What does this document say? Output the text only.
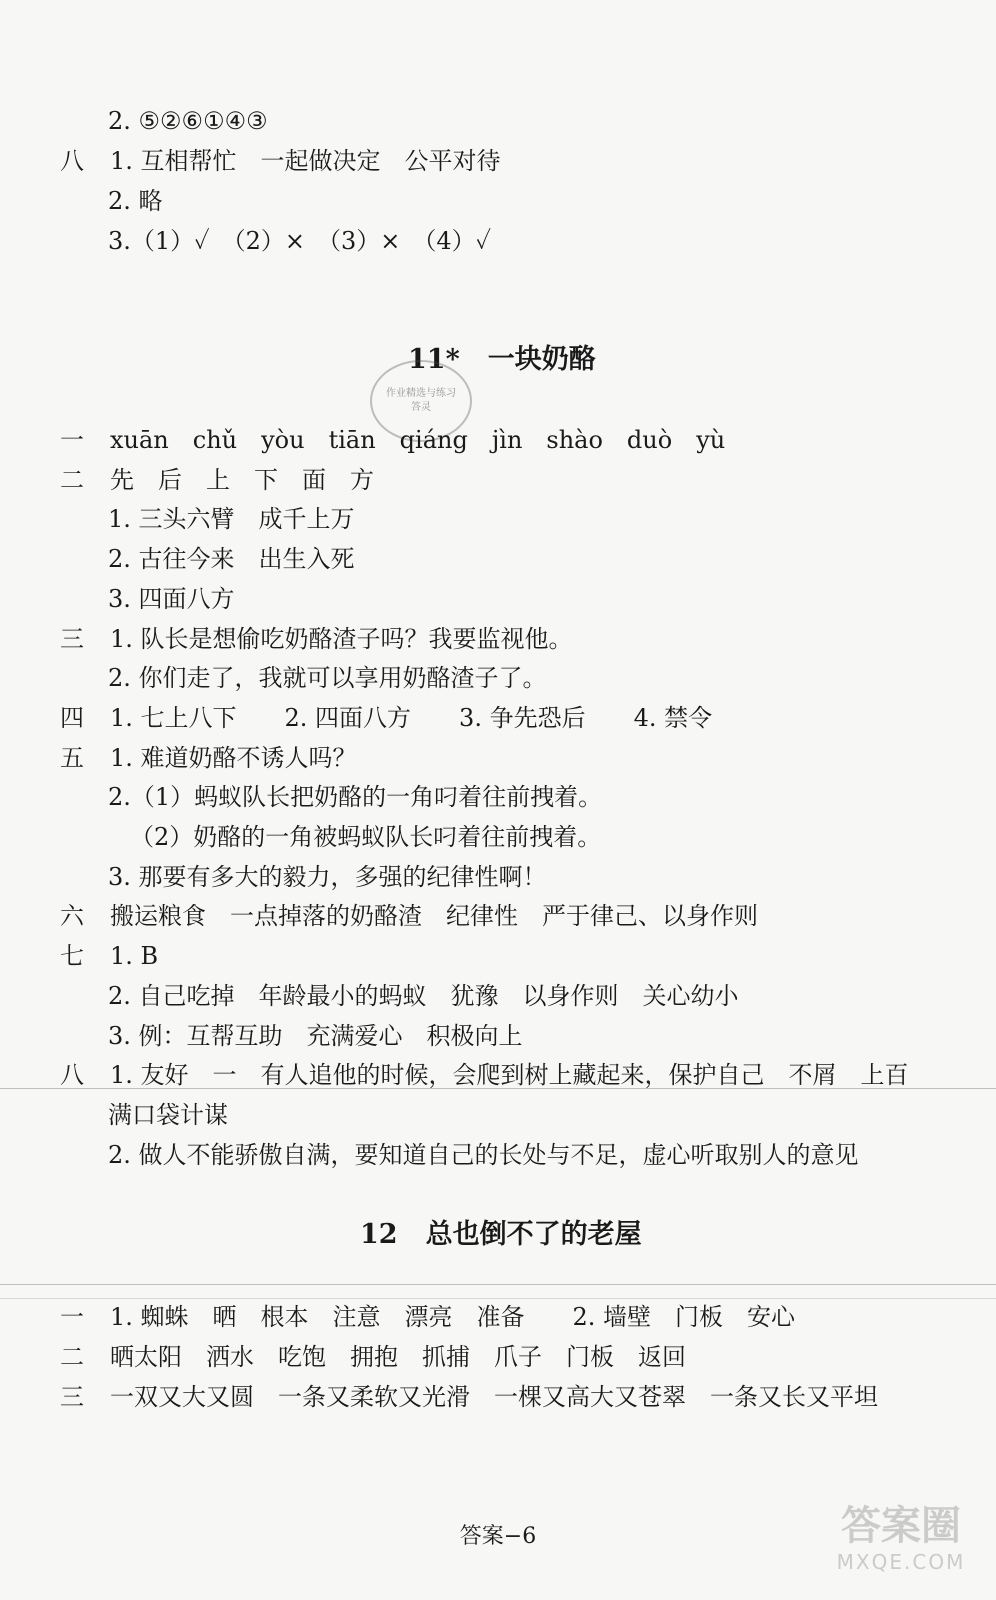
2. ⑤②⑥①④③
八 1. 互相帮忙　一起做决定　公平对待
2. 略
3.（1）✓　（2）×　（3）×　（4）✓
11* 一块奶酪
作业精选与练习
答灵
一 xuān　chǔ　yòu　tiān　qiáng　jìn　shào　duò　yù
二 先　后　上　下　面　方
1. 三头六臂　成千上万
2. 古往今来　出生入死
3. 四面八方
三 1. 队长是想偷吃奶酪渣子吗？我要监视他。
2. 你们走了，我就可以享用奶酪渣子了。
四 1. 七上八下　　2. 四面八方　　3. 争先恐后　　4. 禁令
五 1. 难道奶酪不诱人吗？
2.（1）蚂蚁队长把奶酪的一角叼着往前拽着。
（2）奶酪的一角被蚂蚁队长叼着往前拽着。
3. 那要有多大的毅力，多强的纪律性啊！
六 搬运粮食　一点掉落的奶酪渣　纪律性　严于律己、以身作则
七 1. B
2. 自己吃掉　年龄最小的蚂蚁　犹豫　以身作则　关心幼小
3. 例：互帮互助　充满爱心　积极向上
八 1. 友好　一　有人追他的时候，会爬到树上藏起来，保护自己　不屑　上百
满口袋计谋
2. 做人不能骄傲自满，要知道自己的长处与不足，虚心听取别人的意见
12 总也倒不了的老屋
一 1. 蜘蛛　晒　根本　注意　漂亮　准备　　2. 墙壁　门板　安心
二 晒太阳　洒水　吃饱　拥抱　抓捕　爪子　门板　返回
三 一双又大又圆　一条又柔软又光滑　一棵又高大又苍翠　一条又长又平坦
答案−6	答案圈
MXQE.COM
